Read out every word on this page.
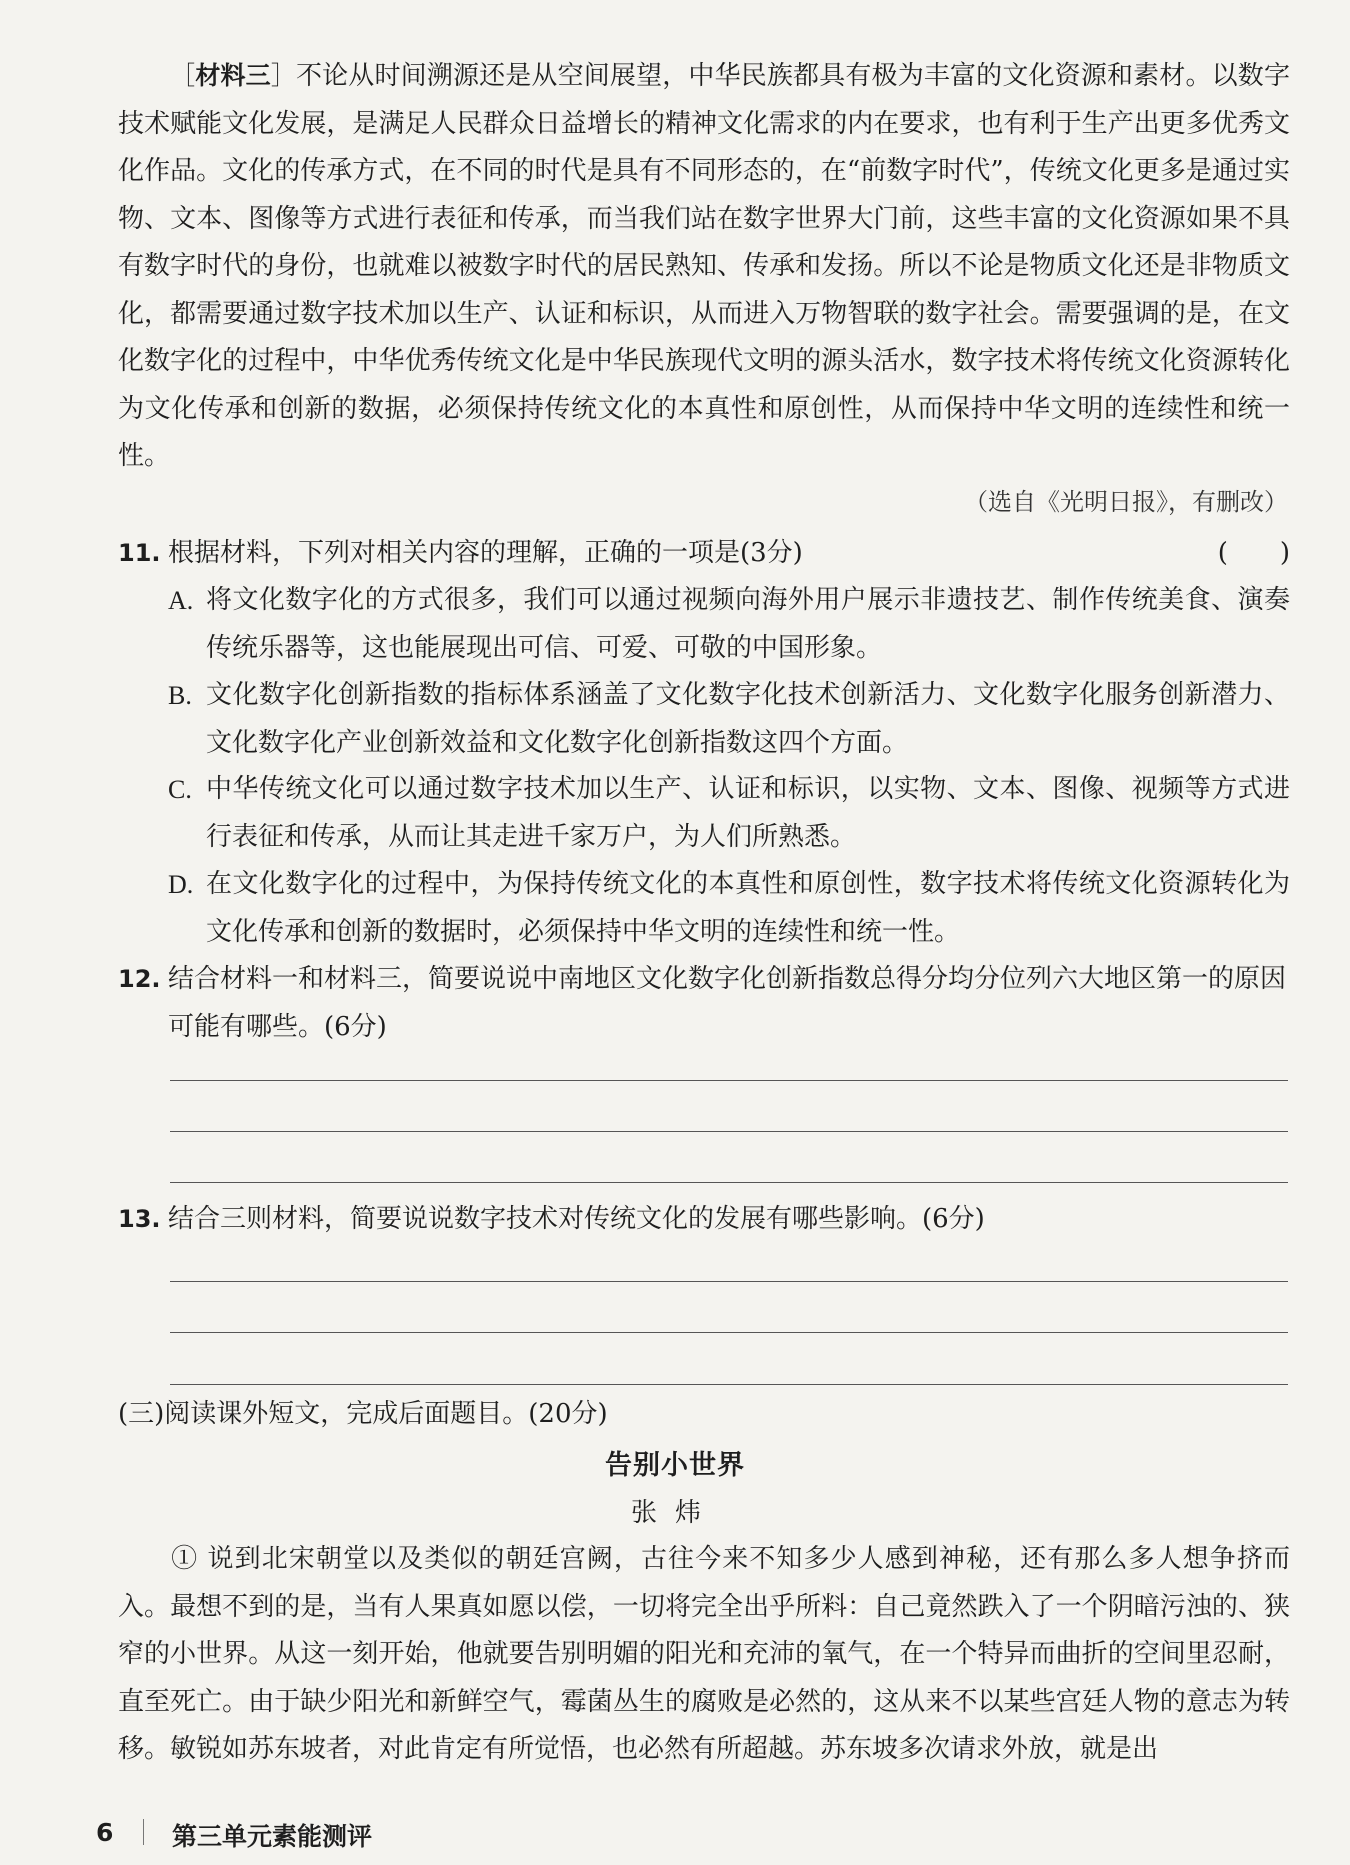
［材料三］不论从时间溯源还是从空间展望，中华民族都具有极为丰富的文化资源和素材。以数字技术赋能文化发展，是满足人民群众日益增长的精神文化需求的内在要求，也有利于生产出更多优秀文化作品。文化的传承方式，在不同的时代是具有不同形态的，在“前数字时代”，传统文化更多是通过实物、文本、图像等方式进行表征和传承，而当我们站在数字世界大门前，这些丰富的文化资源如果不具有数字时代的身份，也就难以被数字时代的居民熟知、传承和发扬。所以不论是物质文化还是非物质文化，都需要通过数字技术加以生产、认证和标识，从而进入万物智联的数字社会。需要强调的是，在文化数字化的过程中，中华优秀传统文化是中华民族现代文明的源头活水，数字技术将传统文化资源转化为文化传承和创新的数据，必须保持传统文化的本真性和原创性，从而保持中华文明的连续性和统一性。
（选自《光明日报》，有删改）
11. 根据材料，下列对相关内容的理解，正确的一项是(3分)	(　　)
A. 将文化数字化的方式很多，我们可以通过视频向海外用户展示非遗技艺、制作传统美食、演奏传统乐器等，这也能展现出可信、可爱、可敬的中国形象。
B. 文化数字化创新指数的指标体系涵盖了文化数字化技术创新活力、文化数字化服务创新潜力、文化数字化产业创新效益和文化数字化创新指数这四个方面。
C. 中华传统文化可以通过数字技术加以生产、认证和标识，以实物、文本、图像、视频等方式进行表征和传承，从而让其走进千家万户，为人们所熟悉。
D. 在文化数字化的过程中，为保持传统文化的本真性和原创性，数字技术将传统文化资源转化为文化传承和创新的数据时，必须保持中华文明的连续性和统一性。
12. 结合材料一和材料三，简要说说中南地区文化数字化创新指数总得分均分位列六大地区第一的原因可能有哪些。(6分)
13. 结合三则材料，简要说说数字技术对传统文化的发展有哪些影响。(6分)
(三)阅读课外短文，完成后面题目。(20分)
告别小世界
张炜
① 说到北宋朝堂以及类似的朝廷宫阙，古往今来不知多少人感到神秘，还有那么多人想争挤而入。最想不到的是，当有人果真如愿以偿，一切将完全出乎所料：自己竟然跌入了一个阴暗污浊的、狭窄的小世界。从这一刻开始，他就要告别明媚的阳光和充沛的氧气，在一个特异而曲折的空间里忍耐，直至死亡。由于缺少阳光和新鲜空气，霉菌丛生的腐败是必然的，这从来不以某些宫廷人物的意志为转移。敏锐如苏东坡者，对此肯定有所觉悟，也必然有所超越。苏东坡多次请求外放，就是出
6 第三单元素能测评
